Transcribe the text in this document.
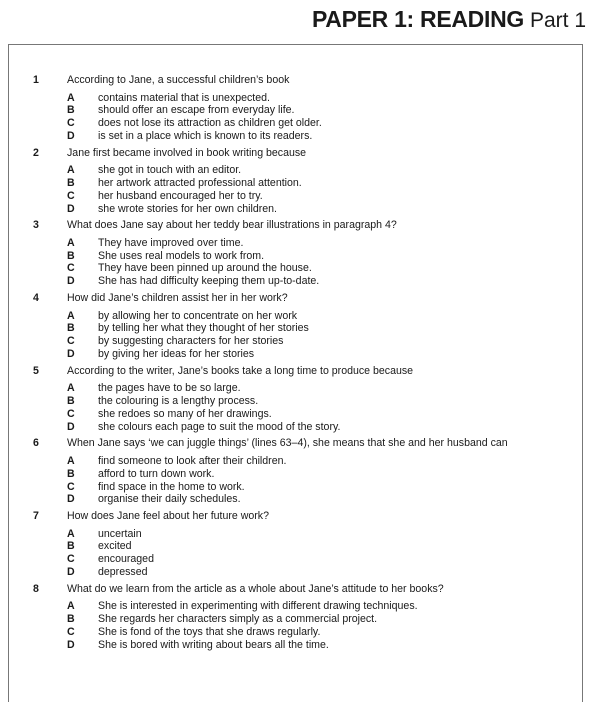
PAPER 1: READING Part 1
1	According to Jane, a successful children’s book
A	contains material that is unexpected.
B	should offer an escape from everyday life.
C	does not lose its attraction as children get older.
D	is set in a place which is known to its readers.
2	Jane first became involved in book writing because
A	she got in touch with an editor.
B	her artwork attracted professional attention.
C	her husband encouraged her to try.
D	she wrote stories for her own children.
3	What does Jane say about her teddy bear illustrations in paragraph 4?
A	They have improved over time.
B	She uses real models to work from.
C	They have been pinned up around the house.
D	She has had difficulty keeping them up-to-date.
4	How did Jane’s children assist her in her work?
A	by allowing her to concentrate on her work
B	by telling her what they thought of her stories
C	by suggesting characters for her stories
D	by giving her ideas for her stories
5	According to the writer, Jane’s books take a long time to produce because
A	the pages have to be so large.
B	the colouring is a lengthy process.
C	she redoes so many of her drawings.
D	she colours each page to suit the mood of the story.
6	When Jane says ‘we can juggle things’ (lines 63–4), she means that she and her husband can
A	find someone to look after their children.
B	afford to turn down work.
C	find space in the home to work.
D	organise their daily schedules.
7	How does Jane feel about her future work?
A	uncertain
B	excited
C	encouraged
D	depressed
8	What do we learn from the article as a whole about Jane’s attitude to her books?
A	She is interested in experimenting with different drawing techniques.
B	She regards her characters simply as a commercial project.
C	She is fond of the toys that she draws regularly.
D	She is bored with writing about bears all the time.
